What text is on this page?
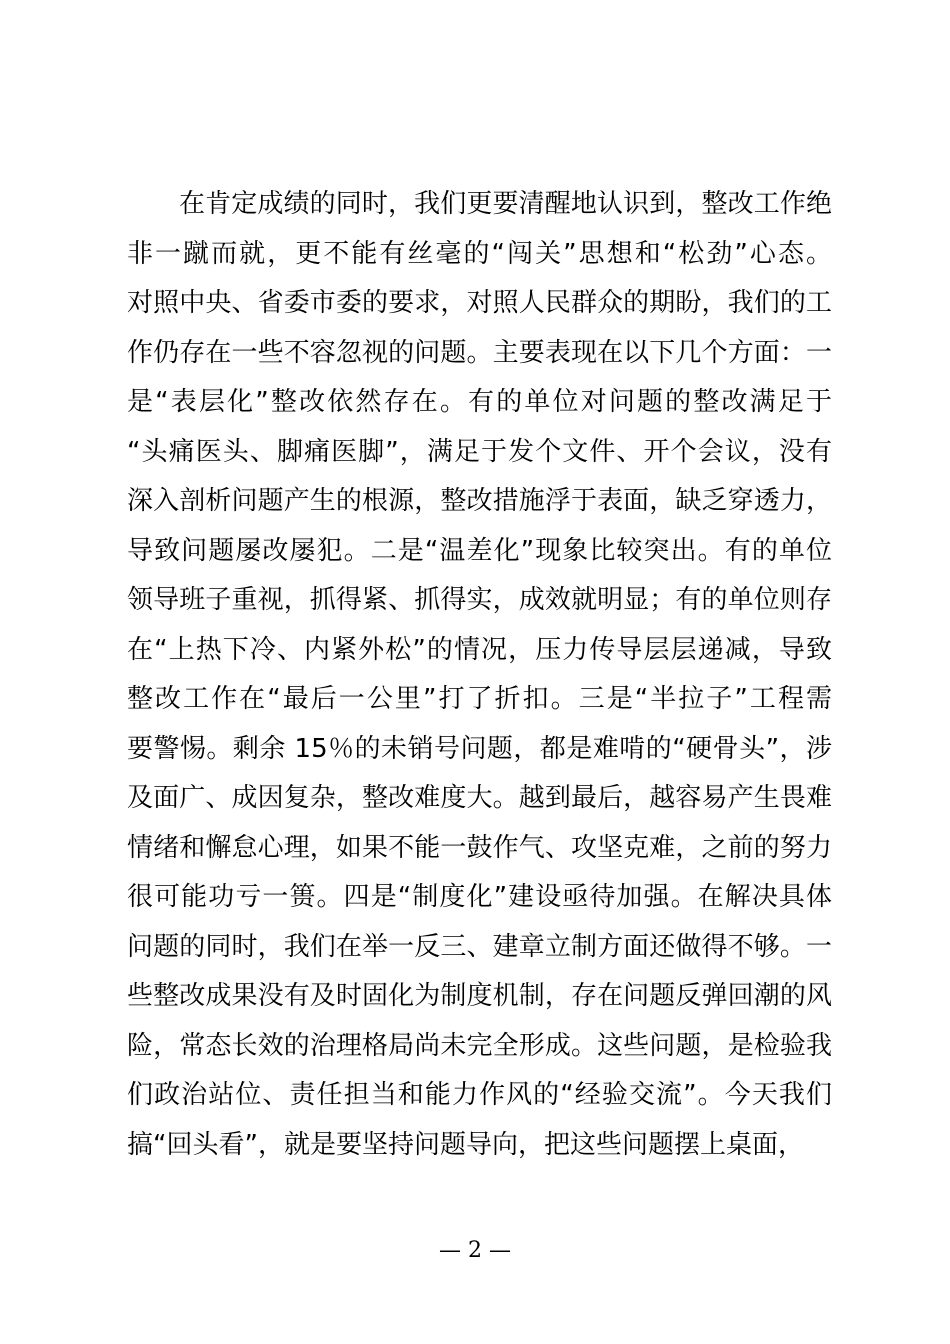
在肯定成绩的同时，我们更要清醒地认识到，整改工作绝
非一蹴而就，更不能有丝毫的“闯关”思想和“松劲”心态。
对照中央、省委市委的要求，对照人民群众的期盼，我们的工
作仍存在一些不容忽视的问题。主要表现在以下几个方面：一
是“表层化”整改依然存在。有的单位对问题的整改满足于
“头痛医头、脚痛医脚”，满足于发个文件、开个会议，没有
深入剖析问题产生的根源，整改措施浮于表面，缺乏穿透力，
导致问题屡改屡犯。二是“温差化”现象比较突出。有的单位
领导班子重视，抓得紧、抓得实，成效就明显；有的单位则存
在“上热下冷、内紧外松”的情况，压力传导层层递减，导致
整改工作在“最后一公里”打了折扣。三是“半拉子”工程需
要警惕。剩余 15％的未销号问题，都是难啃的“硬骨头”，涉
及面广、成因复杂，整改难度大。越到最后，越容易产生畏难
情绪和懈怠心理，如果不能一鼓作气、攻坚克难，之前的努力
很可能功亏一篑。四是“制度化”建设亟待加强。在解决具体
问题的同时，我们在举一反三、建章立制方面还做得不够。一
些整改成果没有及时固化为制度机制，存在问题反弹回潮的风
险，常态长效的治理格局尚未完全形成。这些问题，是检验我
们政治站位、责任担当和能力作风的“经验交流”。今天我们
搞“回头看”，就是要坚持问题导向，把这些问题摆上桌面，
— 2 —
